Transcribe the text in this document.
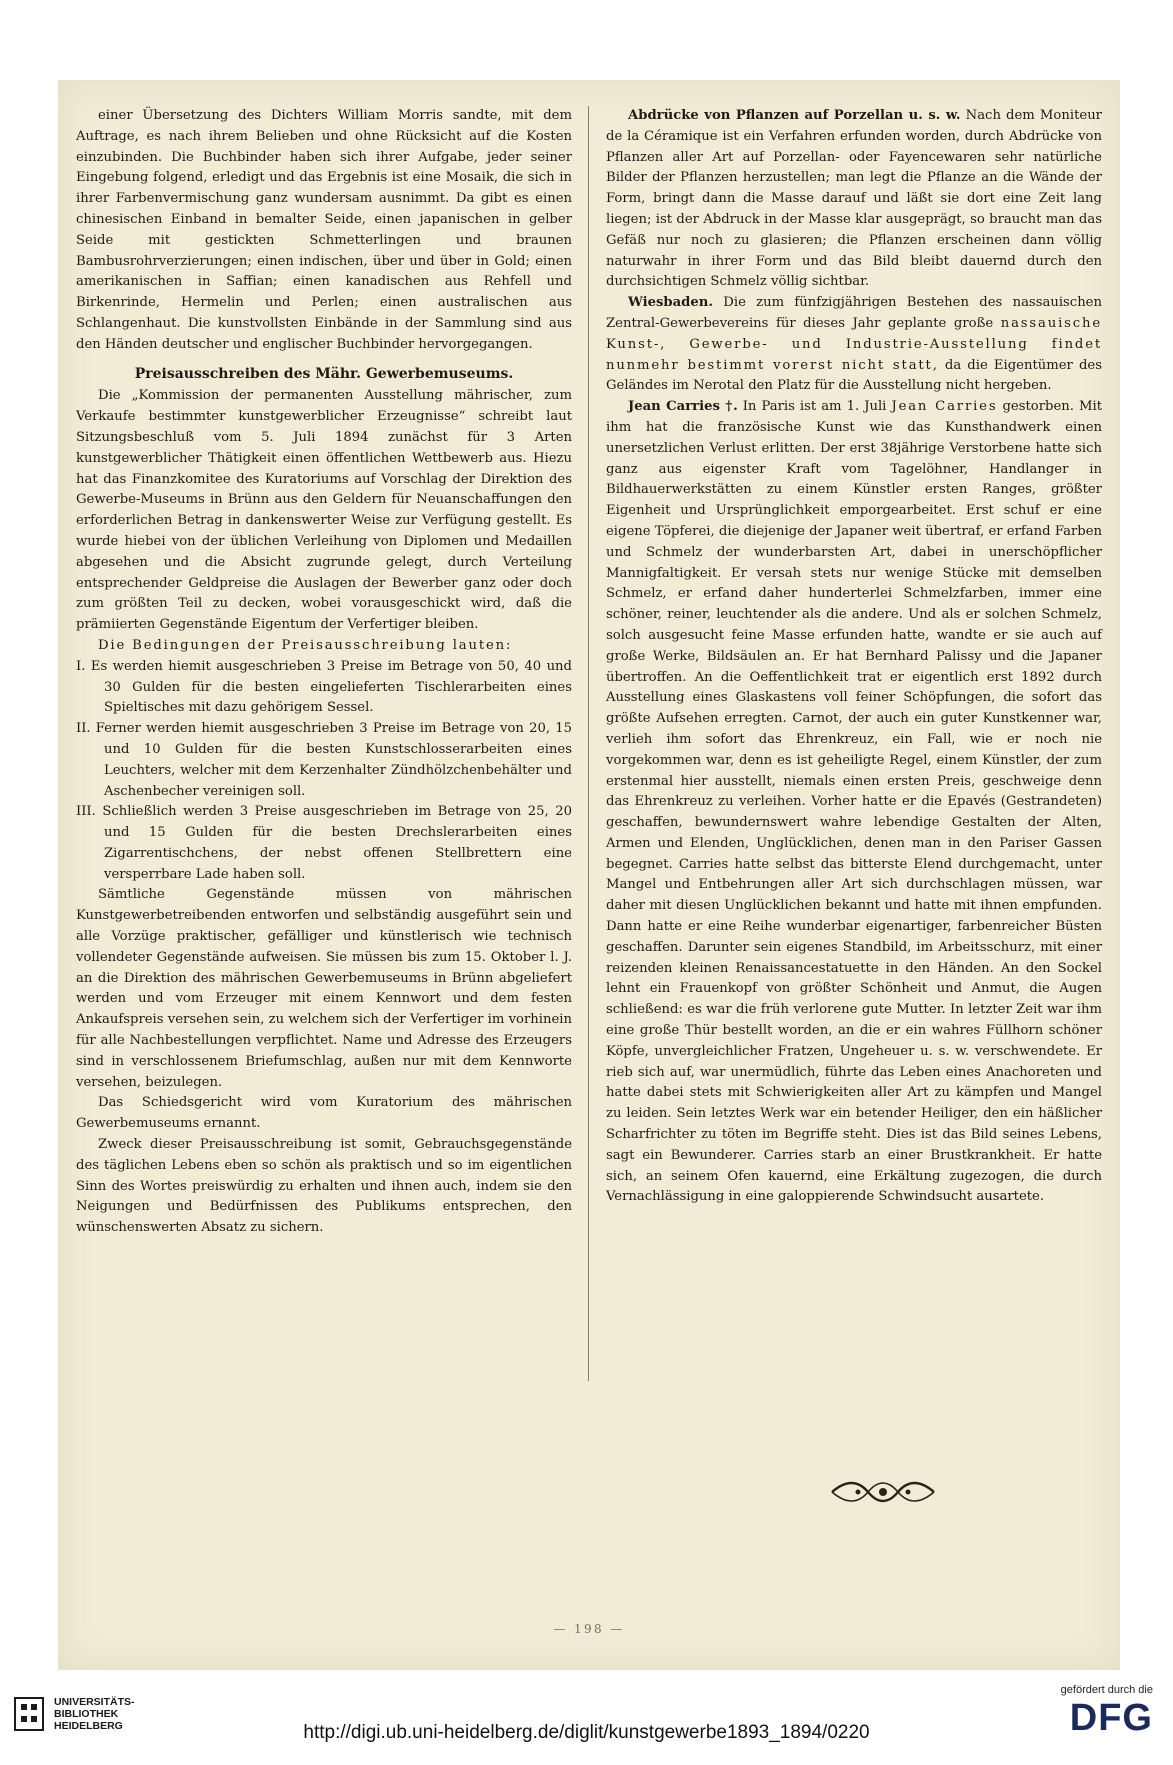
einer Übersetzung des Dichters William Morris sandte, mit dem Auftrage, es nach ihrem Belieben und ohne Rücksicht auf die Kosten einzubinden. Die Buchbinder haben sich ihrer Aufgabe, jeder seiner Eingebung folgend, erledigt und das Ergebnis ist eine Mosaik, die sich in ihrer Farbenvermischung ganz wundersam ausnimmt. Da gibt es einen chinesischen Einband in bemalter Seide, einen japanischen in gelber Seide mit gestickten Schmetterlingen und braunen Bambusrohrverzierungen; einen indischen, über und über in Gold; einen amerikanischen in Saffian; einen kanadischen aus Rehfell und Birkenrinde, Hermelin und Perlen; einen australischen aus Schlangenhaut. Die kunstvollsten Einbände in der Sammlung sind aus den Händen deutscher und englischer Buchbinder hervorgegangen.

Preisausschreiben des Mähr. Gewerbemuseums.

Die „Kommission der permanenten Ausstellung mährischer, zum Verkaufe bestimmter kunstgewerblicher Erzeugnisse“ schreibt laut Sitzungsbeschluß vom 5. Juli 1894 zunächst für 3 Arten kunstgewerblicher Thätigkeit einen öffentlichen Wettbewerb aus. Hiezu hat das Finanzkomitee des Kuratoriums auf Vorschlag der Direktion des Gewerbe-Museums in Brünn aus den Geldern für Neuanschaffungen den erforderlichen Betrag in dankenswerter Weise zur Verfügung gestellt. Es wurde hiebei von der üblichen Verleihung von Diplomen und Medaillen abgesehen und die Absicht zugrunde gelegt, durch Verteilung entsprechender Geldpreise die Auslagen der Bewerber ganz oder doch zum größten Teil zu decken, wobei vorausgeschickt wird, daß die prämiierten Gegenstände Eigentum der Verfertiger bleiben.

Die Bedingungen der Preisausschreibung lauten:

I. Es werden hiemit ausgeschrieben 3 Preise im Betrage von 50, 40 und 30 Gulden für die besten eingelieferten Tischlerarbeiten eines Spieltisches mit dazu gehörigem Sessel.

II. Ferner werden hiemit ausgeschrieben 3 Preise im Betrage von 20, 15 und 10 Gulden für die besten Kunstschlosserarbeiten eines Leuchters, welcher mit dem Kerzenhalter Zündhölzchenbehälter und Aschenbecher vereinigen soll.

III. Schließlich werden 3 Preise ausgeschrieben im Betrage von 25, 20 und 15 Gulden für die besten Drechslerarbeiten eines Zigarrentischchens, der nebst offenen Stellbrettern eine versperrbare Lade haben soll.

Sämtliche Gegenstände müssen von mährischen Kunstgewerbetreibenden entworfen und selbständig ausgeführt sein und alle Vorzüge praktischer, gefälliger und künstlerisch wie technisch vollendeter Gegenstände aufweisen. Sie müssen bis zum 15. Oktober l. J. an die Direktion des mährischen Gewerbemuseums in Brünn abgeliefert werden und vom Erzeuger mit einem Kennwort und dem festen Ankaufspreis versehen sein, zu welchem sich der Verfertiger im vorhinein für alle Nachbestellungen verpflichtet. Name und Adresse des Erzeugers sind in verschlossenem Briefumschlag, außen nur mit dem Kennworte versehen, beizulegen.

Das Schiedsgericht wird vom Kuratorium des mährischen Gewerbemuseums ernannt.

Zweck dieser Preisausschreibung ist somit, Gebrauchsgegenstände des täglichen Lebens eben so schön als praktisch und so im eigentlichen Sinn des Wortes preiswürdig zu erhalten und ihnen auch, indem sie den Neigungen und Bedürfnissen des Publikums entsprechen, den wünschenswerten Absatz zu sichern.

Abdrücke von Pflanzen auf Porzellan u. s. w. Nach dem Moniteur de la Céramique ist ein Verfahren erfunden worden, durch Abdrücke von Pflanzen aller Art auf Porzellan- oder Fayencewaren sehr natürliche Bilder der Pflanzen herzustellen; man legt die Pflanze an die Wände der Form, bringt dann die Masse darauf und läßt sie dort eine Zeit lang liegen; ist der Abdruck in der Masse klar ausgeprägt, so braucht man das Gefäß nur noch zu glasieren; die Pflanzen erscheinen dann völlig naturwahr in ihrer Form und das Bild bleibt dauernd durch den durchsichtigen Schmelz völlig sichtbar.

Wiesbaden. Die zum fünfzigjährigen Bestehen des nassauischen Zentral-Gewerbevereins für dieses Jahr geplante große nassauische Kunst-, Gewerbe- und Industrie-Ausstellung findet nunmehr bestimmt vorerst nicht statt, da die Eigentümer des Geländes im Nerotal den Platz für die Ausstellung nicht hergeben.

Jean Carries †. In Paris ist am 1. Juli Jean Carries gestorben. Mit ihm hat die französische Kunst wie das Kunsthandwerk einen unersetzlichen Verlust erlitten. Der erst 38jährige Verstorbene hatte sich ganz aus eigenster Kraft vom Tagelöhner, Handlanger in Bildhauerwerkstätten zu einem Künstler ersten Ranges, größter Eigenheit und Ursprünglichkeit emporgearbeitet. Erst schuf er eine eigene Töpferei, die diejenige der Japaner weit übertraf, er erfand Farben und Schmelz der wunderbarsten Art, dabei in unerschöpflicher Mannigfaltigkeit. Er versah stets nur wenige Stücke mit demselben Schmelz, er erfand daher hunderterlei Schmelzfarben, immer eine schöner, reiner, leuchtender als die andere. Und als er solchen Schmelz, solch ausgesucht feine Masse erfunden hatte, wandte er sie auch auf große Werke, Bildsäulen an. Er hat Bernhard Palissy und die Japaner übertroffen. An die Oeffentlichkeit trat er eigentlich erst 1892 durch Ausstellung eines Glaskastens voll feiner Schöpfungen, die sofort das größte Aufsehen erregten. Carnot, der auch ein guter Kunstkenner war, verlieh ihm sofort das Ehrenkreuz, ein Fall, wie er noch nie vorgekommen war, denn es ist geheiligte Regel, einem Künstler, der zum erstenmal hier ausstellt, niemals einen ersten Preis, geschweige denn das Ehrenkreuz zu verleihen. Vorher hatte er die Epavés (Gestrandeten) geschaffen, bewundernswert wahre lebendige Gestalten der Alten, Armen und Elenden, Unglücklichen, denen man in den Pariser Gassen begegnet. Carries hatte selbst das bitterste Elend durchgemacht, unter Mangel und Entbehrungen aller Art sich durchschlagen müssen, war daher mit diesen Unglücklichen bekannt und hatte mit ihnen empfunden. Dann hatte er eine Reihe wunderbar eigenartiger, farbenreicher Büsten geschaffen. Darunter sein eigenes Standbild, im Arbeitsschurz, mit einer reizenden kleinen Renaissancestatuette in den Händen. An den Sockel lehnt ein Frauenkopf von größter Schönheit und Anmut, die Augen schließend: es war die früh verlorene gute Mutter. In letzter Zeit war ihm eine große Thür bestellt worden, an die er ein wahres Füllhorn schöner Köpfe, unvergleichlicher Fratzen, Ungeheuer u. s. w. verschwendete. Er rieb sich auf, war unermüdlich, führte das Leben eines Anachoreten und hatte dabei stets mit Schwierigkeiten aller Art zu kämpfen und Mangel zu leiden. Sein letztes Werk war ein betender Heiliger, den ein häßlicher Scharfrichter zu töten im Begriffe steht. Dies ist das Bild seines Lebens, sagt ein Bewunderer. Carries starb an einer Brustkrankheit. Er hatte sich, an seinem Ofen kauernd, eine Erkältung zugezogen, die durch Vernachlässigung in eine galoppierende Schwindsucht ausartete.

— 198 —
UNIVERSITÄTS-
BIBLIOTHEK
HEIDELBERG	http://digi.ub.uni-heidelberg.de/diglit/kunstgewerbe1893_1894/0220
gefördert durch die
DFG
